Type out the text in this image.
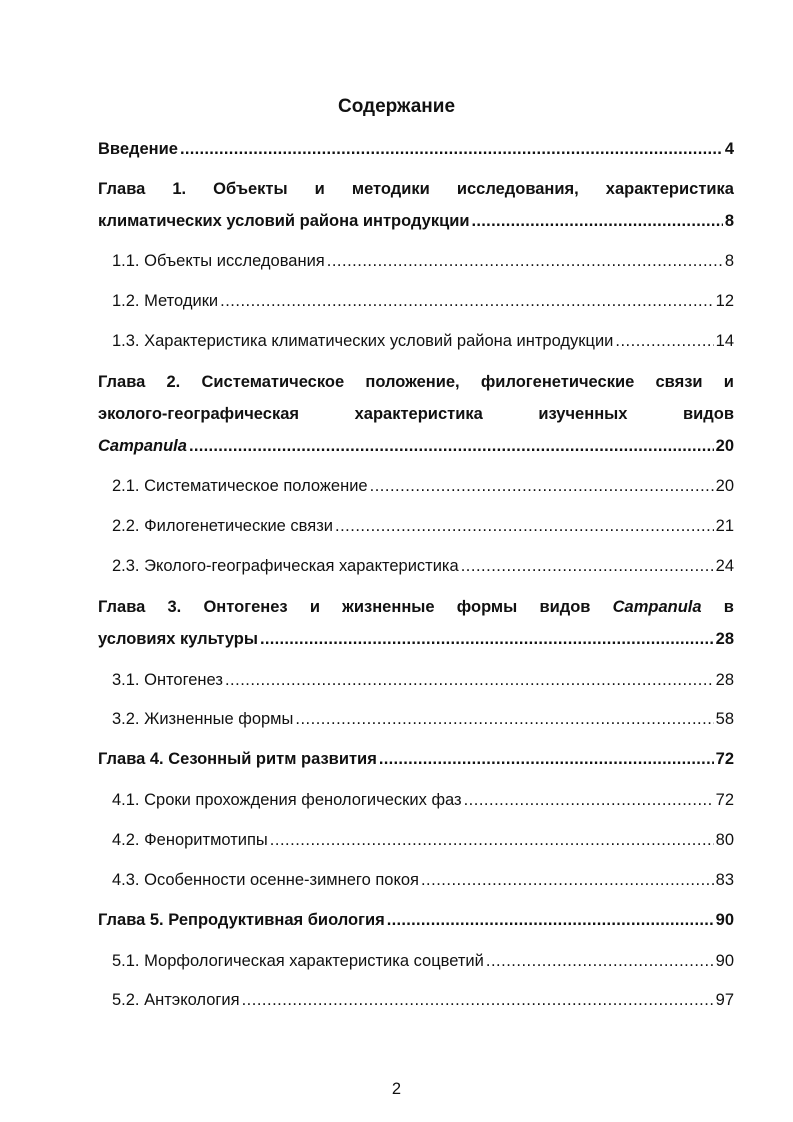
Содержание
Введение .....	4
Глава 1. Объекты и методики исследования, характеристика
климатических условий района интродукции .....	8
1.1. Объекты исследования .....	8
1.2. Методики .....	12
1.3. Характеристика климатических условий района интродукции .....	14
Глава 2. Систематическое положение, филогенетические связи и
эколого-географическая	характеристика	изученных	видов
Campanula .....	20
2.1. Систематическое положение .....	20
2.2. Филогенетические связи .....	21
2.3. Эколого-географическая характеристика .....	24
Глава 3. Онтогенез и жизненные формы видов Campanula в
условиях культуры .....	28
3.1. Онтогенез .....	28
3.2. Жизненные формы .....	58
Глава 4. Сезонный ритм развития .....	72
4.1. Сроки прохождения фенологических фаз .....	72
4.2. Феноритмотипы .....	80
4.3. Особенности осенне-зимнего покоя .....	83
Глава 5. Репродуктивная биология .....	90
5.1. Морфологическая характеристика соцветий .....	90
5.2. Антэкология .....	97
2
